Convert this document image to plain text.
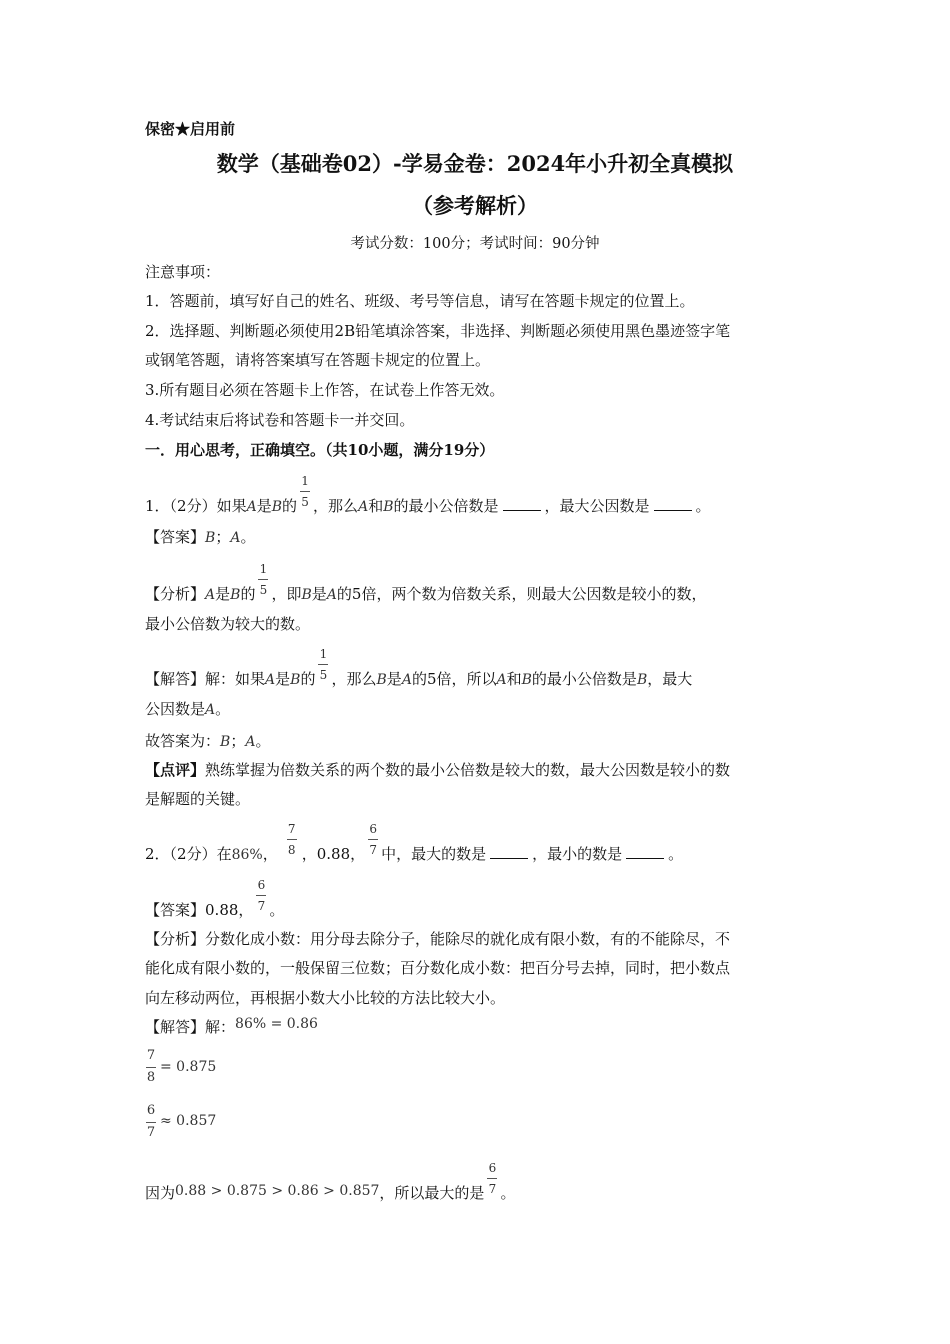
保密★启用前
数学（基础卷02）-学易金卷：2024年小升初全真模拟
（参考解析）
考试分数：100分；考试时间：90分钟
注意事项：
1．答题前，填写好自己的姓名、班级、考号等信息，请写在答题卡规定的位置上。
2．选择题、判断题必须使用2B铅笔填涂答案，非选择、判断题必须使用黑色墨迹签字笔
或钢笔答题，请将答案填写在答题卡规定的位置上。
3.所有题目必须在答题卡上作答，在试卷上作答无效。
4.考试结束后将试卷和答题卡一并交回。
一．用心思考，正确填空。（共10小题，满分19分）
1．（2分）如果A是B的 $\frac{1}{5}$ ，那么A和B的最小公倍数是	，最大公因数是	。
【答案】B；A。
【分析】A是B的 $\frac{1}{5}$ ，即B是A的5倍，两个数为倍数关系，则最大公因数是较小的数，
最小公倍数为较大的数。
【解答】解：如果A是B的 $\frac{1}{5}$ ，那么B是A的5倍，所以A和B的最小公倍数是B，最大
公因数是A。
故答案为：B；A。
【点评】熟练掌握为倍数关系的两个数的最小公倍数是较大的数，最大公因数是较小的数
是解题的关键。
2．（2分）在86%， $\frac{7}{8}$ ，0.88， $\frac{6}{7}$ 中，最大的数是	，最小的数是	。
【答案】0.88， $\frac{6}{7}$ 。
【分析】分数化成小数：用分母去除分子，能除尽的就化成有限小数，有的不能除尽，不
能化成有限小数的，一般保留三位数；百分数化成小数：把百分号去掉，同时，把小数点
向左移动两位，再根据小数大小比较的方法比较大小。
【解答】解：86% = 0.86
7
8
= 0.875
6
7
≈ 0.857
因为0.88 > 0.875 > 0.86 > 0.857，所以最大的是 $\frac{6}{7}$ 。
